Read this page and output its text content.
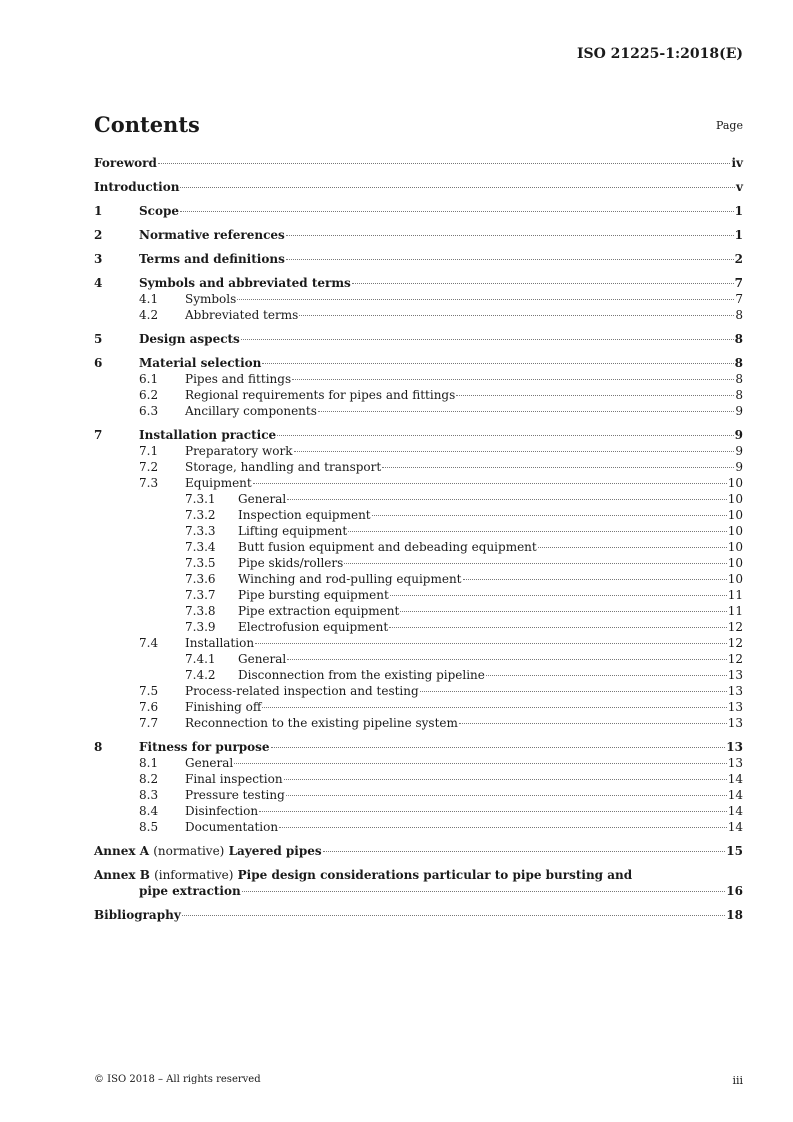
ISO 21225-1:2018(E)
Contents	Page
Foreword	iv
Introduction	v
1	Scope	1
2	Normative references	1
3	Terms and definitions	2
4	Symbols and abbreviated terms	7
4.1	Symbols	7
4.2	Abbreviated terms	8
5	Design aspects	8
6	Material selection	8
6.1	Pipes and fittings	8
6.2	Regional requirements for pipes and fittings	8
6.3	Ancillary components	9
7	Installation practice	9
7.1	Preparatory work	9
7.2	Storage, handling and transport	9
7.3	Equipment	10
7.3.1	General	10
7.3.2	Inspection equipment	10
7.3.3	Lifting equipment	10
7.3.4	Butt fusion equipment and debeading equipment	10
7.3.5	Pipe skids/rollers	10
7.3.6	Winching and rod-pulling equipment	10
7.3.7	Pipe bursting equipment	11
7.3.8	Pipe extraction equipment	11
7.3.9	Electrofusion equipment	12
7.4	Installation	12
7.4.1	General	12
7.4.2	Disconnection from the existing pipeline	13
7.5	Process-related inspection and testing	13
7.6	Finishing off	13
7.7	Reconnection to the existing pipeline system	13
8	Fitness for purpose	13
8.1	General	13
8.2	Final inspection	14
8.3	Pressure testing	14
8.4	Disinfection	14
8.5	Documentation	14
Annex A (normative) Layered pipes	15
Annex B (informative) Pipe design considerations particular to pipe bursting and
pipe extraction	16
Bibliography	18
© ISO 2018 – All rights reserved	iii
